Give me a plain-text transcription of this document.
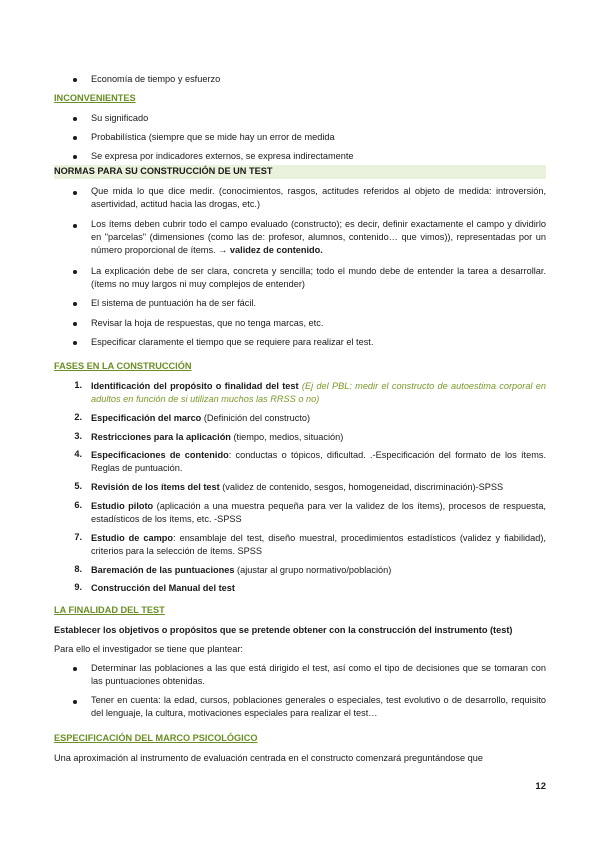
Economía de tiempo y esfuerzo
INCONVENIENTES
Su significado
Probabilística (siempre que se mide hay un error de medida
Se expresa por indicadores externos, se expresa indirectamente
NORMAS PARA SU CONSTRUCCIÓN DE UN TEST
Que mida lo que dice medir. (conocimientos, rasgos, actitudes referidos al objeto de medida: introversión, asertividad, actitud hacia las drogas, etc.)
Los ítems deben cubrir todo el campo evaluado (constructo); es decir, definir exactamente el campo y dividirlo en "parcelas" (dimensiones (como las de: profesor, alumnos, contenido… que vimos)), representadas por un número proporcional de ítems. → validez de contenido.
La explicación debe de ser clara, concreta y sencilla; todo el mundo debe de entender la tarea a desarrollar. (ítems no muy largos ni muy complejos de entender)
El sistema de puntuación ha de ser fácil.
Revisar la hoja de respuestas, que no tenga marcas, etc.
Especificar claramente el tiempo que se requiere para realizar el test.
FASES EN LA CONSTRUCCIÓN
1. Identificación del propósito o finalidad del test (Ej del PBL: medir el constructo de autoestima corporal en adultos en función de si utilizan muchos las RRSS o no)
2. Especificación del marco (Definición del constructo)
3. Restricciones para la aplicación (tiempo, medios, situación)
4. Especificaciones de contenido: conductas o tópicos, dificultad. .-Especificación del formato de los ítems. Reglas de puntuación.
5. Revisión de los ítems del test (validez de contenido, sesgos, homogeneidad, discriminación)-SPSS
6. Estudio piloto (aplicación a una muestra pequeña para ver la validez de los ítems), procesos de respuesta, estadísticos de los ítems, etc. -SPSS
7. Estudio de campo: ensamblaje del test, diseño muestral, procedimientos estadísticos (validez y fiabilidad), criterios para la selección de ítems. SPSS
8. Baremación de las puntuaciones (ajustar al grupo normativo/población)
9. Construcción del Manual del test
LA FINALIDAD DEL TEST
Establecer los objetivos o propósitos que se pretende obtener con la construcción del instrumento (test)
Para ello el investigador se tiene que plantear:
Determinar las poblaciones a las que está dirigido el test, así como el tipo de decisiones que se tomaran con las puntuaciones obtenidas.
Tener en cuenta: la edad, cursos, poblaciones generales o especiales, test evolutivo o de desarrollo, requisito del lenguaje, la cultura, motivaciones especiales para realizar el test…
ESPECIFICACIÓN DEL MARCO PSICOLÓGICO
Una aproximación al instrumento de evaluación centrada en el constructo comenzará preguntándose que
12
